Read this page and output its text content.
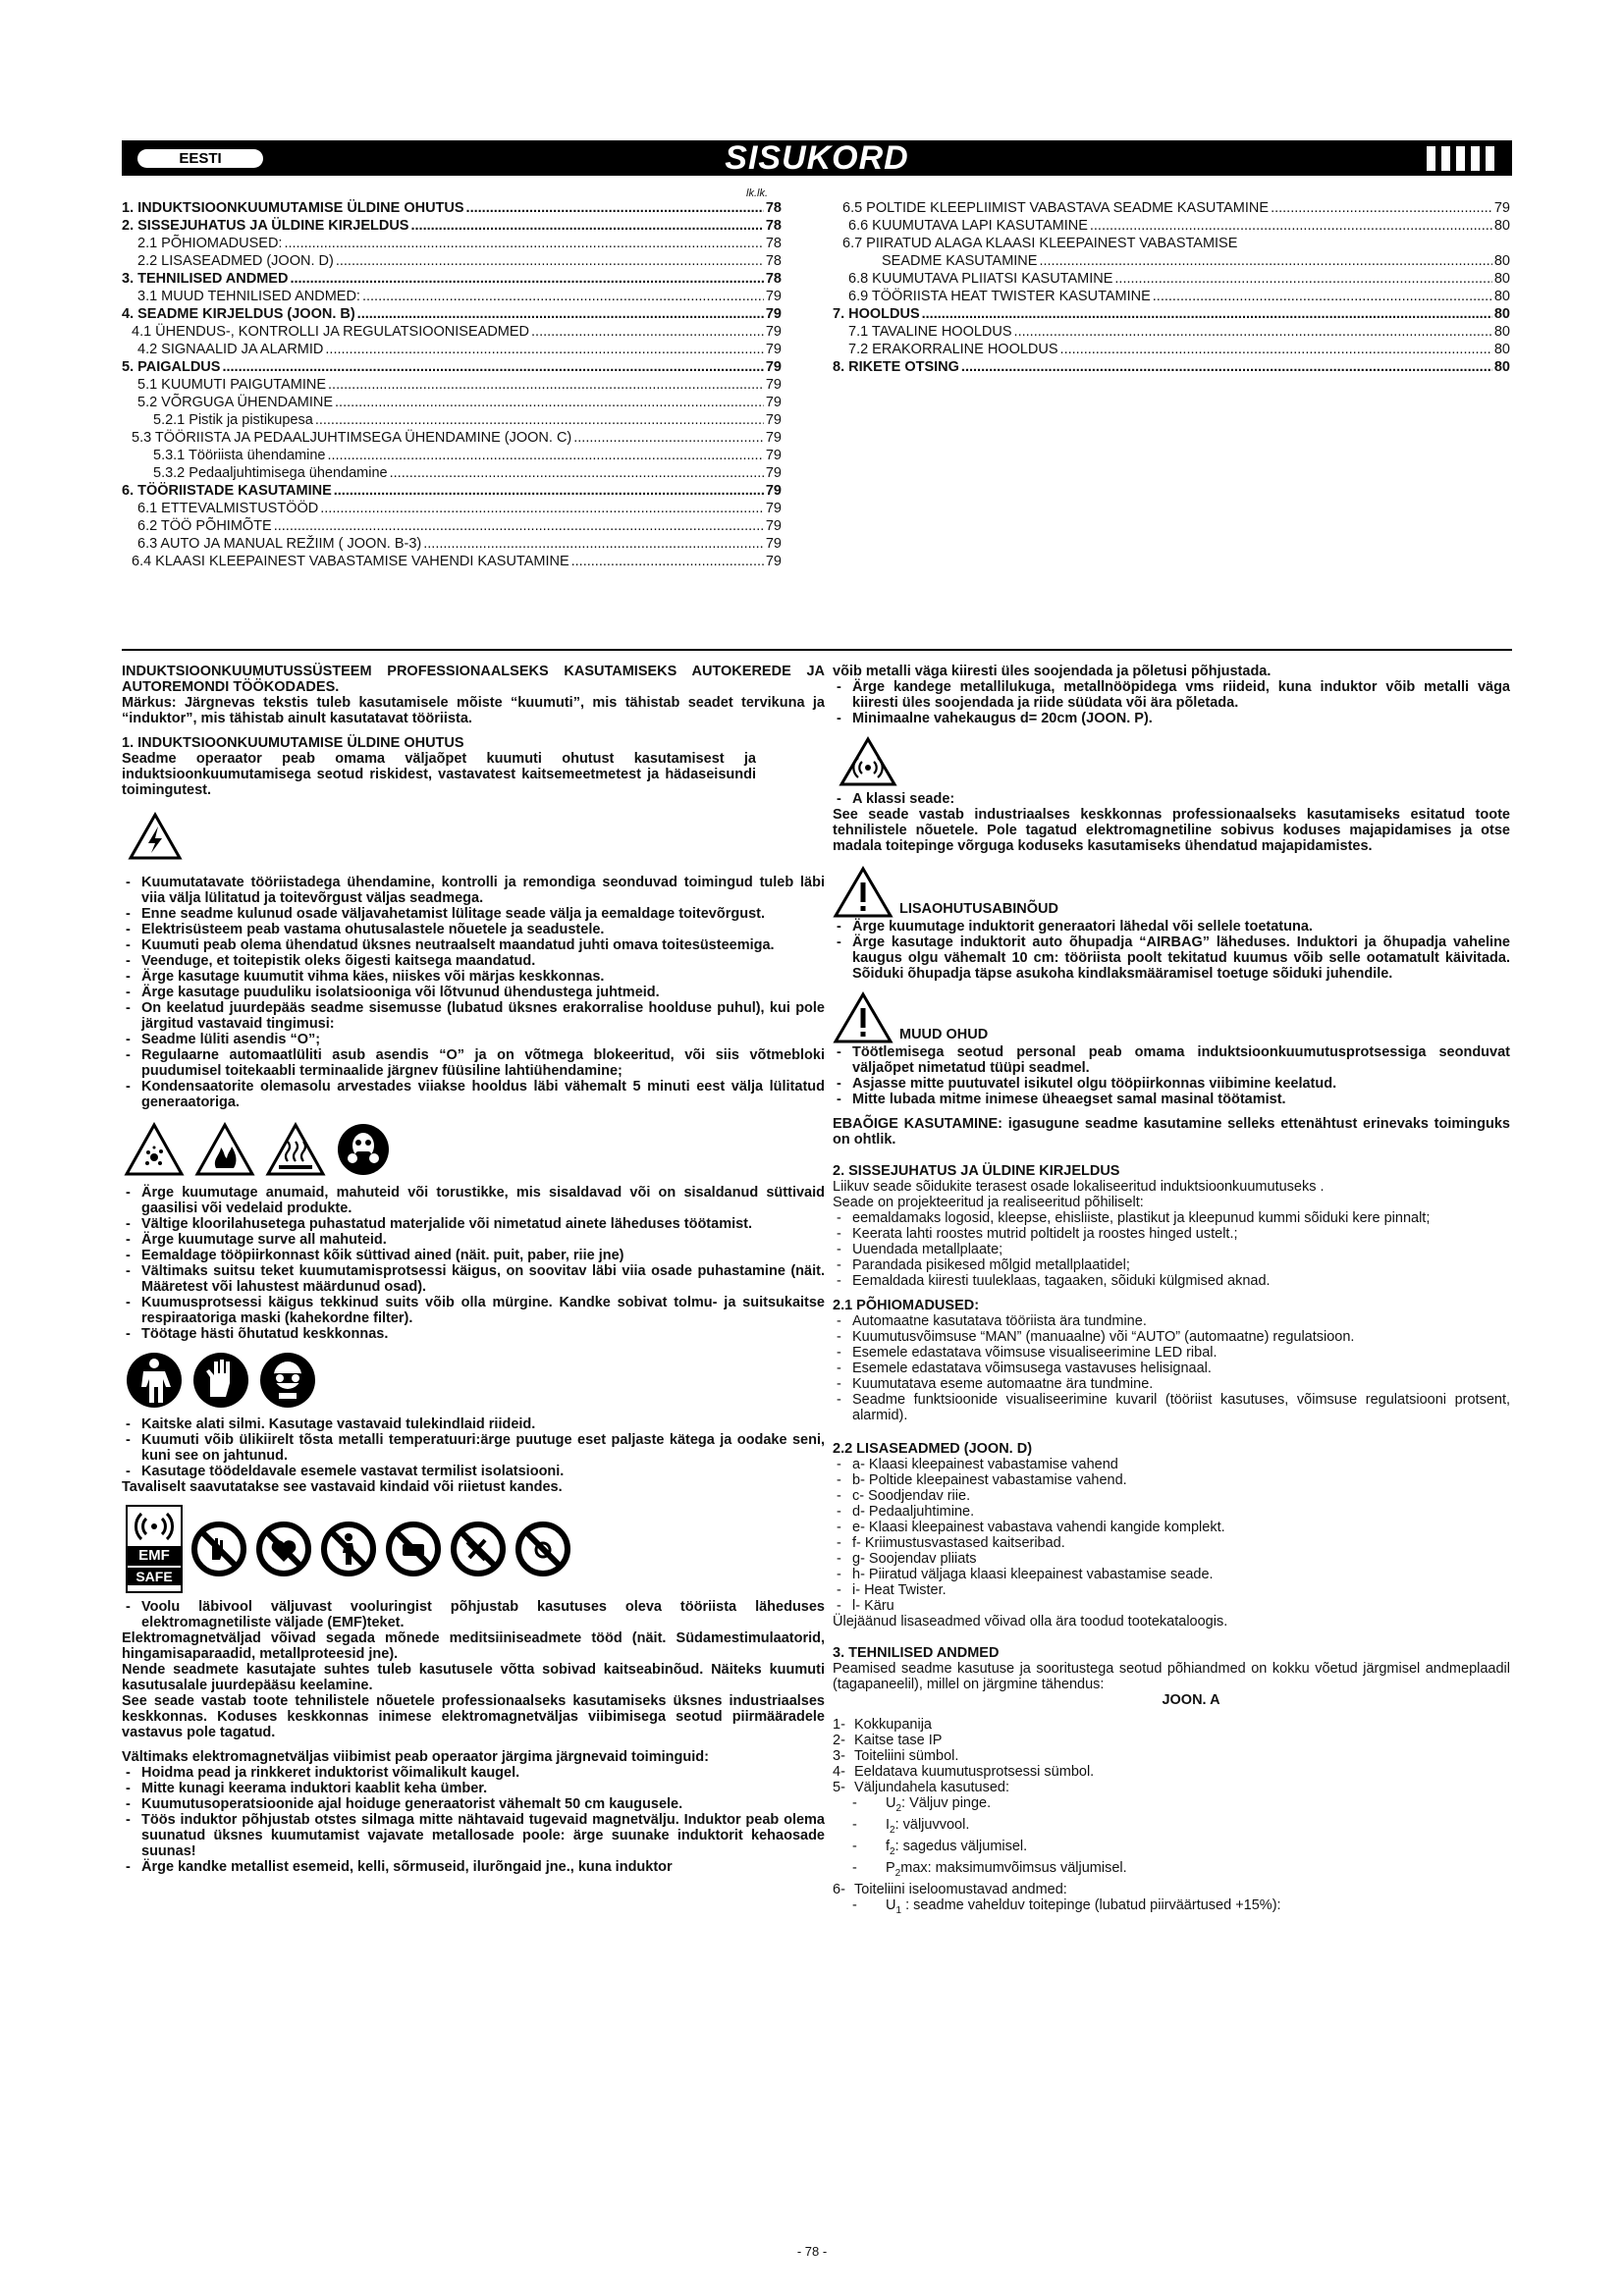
EESTI	SISUKORD
lk.lk.
1. INDUKTSIOONKUUMUTAMISE ÜLDINE OHUTUS .....	78
2. SISSEJUHATUS JA ÜLDINE KIRJELDUS .....	78
2.1 PÕHIOMADUSED: .....	78
2.2 LISASEADMED (JOON. D) .....	78
3. TEHNILISED ANDMED .....	78
3.1 MUUD TEHNILISED ANDMED: .....	79
4. SEADME KIRJELDUS (JOON. B) .....	79
4.1 ÜHENDUS-, KONTROLLI JA REGULATSIOONISEADMED .....	79
4.2 SIGNAALID JA ALARMID .....	79
5. PAIGALDUS .....	79
5.1 KUUMUTI PAIGUTAMINE .....	79
5.2 VÕRGUGA ÜHENDAMINE .....	79
5.2.1 Pistik ja pistikupesa .....	79
5.3 TÖÖRIISTA JA PEDAALJUHTIMSEGA ÜHENDAMINE (JOON. C) .....	79
5.3.1 Tööriista ühendamine .....	79
5.3.2 Pedaaljuhtimisega ühendamine .....	79
6. TÖÖRIISTADE KASUTAMINE .....	79
6.1 ETTEVALMISTUSTÖÖD .....	79
6.2 TÖÖ PÕHIMÕTE .....	79
6.3 AUTO JA MANUAL REŽIIM ( JOON. B-3) .....	79
6.4 KLAASI KLEEPAINEST VABASTAMISE VAHENDI KASUTAMINE .....	79
6.5 POLTIDE KLEEPLIIMIST VABASTAVA SEADME KASUTAMINE .....	79
6.6 KUUMUTAVA LAPI KASUTAMINE .....	80
6.7 PIIRATUD ALAGA KLAASI KLEEPAINEST VABASTAMISE
SEADME KASUTAMINE .....	80
6.8 KUUMUTAVA PLIIATSI KASUTAMINE .....	80
6.9 TÖÖRIISTA HEAT TWISTER KASUTAMINE .....	80
7. HOOLDUS .....	80
7.1 TAVALINE HOOLDUS .....	80
7.2 ERAKORRALINE HOOLDUS .....	80
8. RIKETE OTSING .....	80

INDUKTSIOONKUUMUTUSSÜSTEEM PROFESSIONAALSEKS KASUTAMISEKS AUTOKEREDE JA AUTOREMONDI TÖÖKODADES.

Märkus: Järgnevas tekstis tuleb kasutamisele mõiste “kuumuti”, mis tähistab seadet tervikuna ja “induktor”, mis tähistab ainult kasutatavat tööriista.

1. INDUKTSIOONKUUMUTAMISE ÜLDINE OHUTUS

Seadme operaator peab omama väljaõpet kuumuti ohutust kasutamisest ja induktsioonkuumutamisega seotud riskidest, vastavatest kaitsemeetmetest ja hädaseisundi toimingutest.

- Kuumutatavate tööriistadega ühendamine, kontrolli ja remondiga seonduvad toimingud tuleb läbi viia välja lülitatud ja toitevõrgust väljas seadmega.

- Enne seadme kulunud osade väljavahetamist lülitage seade välja ja eemaldage toitevõrgust.

- Elektrisüsteem peab vastama ohutusalastele nõuetele ja seadustele.

- Kuumuti peab olema ühendatud üksnes neutraalselt maandatud juhti omava toitesüsteemiga.

- Veenduge, et toitepistik oleks õigesti kaitsega maandatud.

- Ärge kasutage kuumutit vihma käes, niiskes või märjas keskkonnas.

- Ärge kasutage puuduliku isolatsiooniga või lõtvunud ühendustega juhtmeid.

- On keelatud juurdepääs seadme sisemusse (lubatud üksnes erakorralise hoolduse puhul), kui pole järgitud vastavaid tingimusi:

- Seadme lüliti asendis “O”;

- Regulaarne automaatlüliti asub asendis “O” ja on võtmega blokeeritud, või siis võtmebloki puudumisel toitekaabli terminaalide järgnev füüsiline lahtiühendamine;

- Kondensaatorite olemasolu arvestades viiakse hooldus läbi vähemalt 5 minuti eest välja lülitatud generaatoriga.

- Ärge kuumutage anumaid, mahuteid või torustikke, mis sisaldavad või on sisaldanud süttivaid gaasilisi või vedelaid produkte.

- Vältige kloorilahusetega puhastatud materjalide või nimetatud ainete läheduses töötamist.

- Ärge kuumutage surve all mahuteid.

- Eemaldage tööpiirkonnast kõik süttivad ained (näit. puit, paber, riie jne)

- Vältimaks suitsu teket kuumutamisprotsessi käigus, on soovitav läbi viia osade puhastamine (näit. Määretest või lahustest määrdunud osad).

- Kuumusprotsessi käigus tekkinud suits võib olla mürgine. Kandke sobivat tolmu- ja suitsukaitse respiraatoriga maski (kahekordne filter).

- Töötage hästi õhutatud keskkonnas.

- Kaitske alati silmi. Kasutage vastavaid tulekindlaid riideid.

- Kuumuti võib ülikiirelt tõsta metalli temperatuuri:ärge puutuge eset paljaste kätega ja oodake seni, kuni see on jahtunud.

- Kasutage töödeldavale esemele vastavat termilist isolatsiooni.

Tavaliselt saavutatakse see vastavaid kindaid või riietust kandes.

EMF
SAFE

- Voolu läbivool väljuvast vooluringist põhjustab kasutuses oleva tööriista läheduses elektromagnetiliste väljade (EMF)teket.

Elektromagnetväljad võivad segada mõnede meditsiiniseadmete tööd (näit. Südamestimulaatorid, hingamisaparaadid, metallproteesid jne).

Nende seadmete kasutajate suhtes tuleb kasutusele võtta sobivad kaitseabinõud. Näiteks kuumuti kasutusalale juurdepääsu keelamine.

See seade vastab toote tehnilistele nõuetele professionaalseks kasutamiseks üksnes industriaalses keskkonnas. Koduses keskkonnas inimese elektromagnetväljas viibimisega seotud piirmääradele vastavus pole tagatud.

Vältimaks elektromagnetväljas viibimist peab operaator järgima järgnevaid toiminguid:

- Hoidma pead ja rinkkeret induktorist võimalikult kaugel.

- Mitte kunagi keerama induktori kaablit keha ümber.

- Kuumutusoperatsioonide ajal hoiduge generaatorist vähemalt 50 cm kaugusele.

- Töös induktor põhjustab otstes silmaga mitte nähtavaid tugevaid magnetvälju. Induktor peab olema suunatud üksnes kuumutamist vajavate metallosade poole: ärge suunake induktorit kehaosade suunas!

- Ärge kandke metallist esemeid, kelli, sõrmuseid, ilurõngaid jne., kuna induktor

võib metalli väga kiiresti üles soojendada ja põletusi põhjustada.

- Ärge kandege metallilukuga, metallnööpidega vms riideid, kuna induktor võib metalli väga kiiresti üles soojendada ja riide süüdata või ära põletada.

- Minimaalne vahekaugus d= 20cm (JOON. P).

- A klassi seade:

See seade vastab industriaalses keskkonnas professionaalseks kasutamiseks esitatud toote tehnilistele nõuetele. Pole tagatud elektromagnetiline sobivus koduses majapidamises ja otse madala toitepinge võrguga koduseks kasutamiseks ühendatud majapidamistes.

LISAOHUTUSABINÕUD

- Ärge kuumutage induktorit generaatori lähedal või sellele toetatuna.

- Ärge kasutage induktorit auto õhupadja “AIRBAG” läheduses. Induktori ja õhupadja vaheline kaugus olgu vähemalt 10 cm: tööriista poolt tekitatud kuumus võib selle ootamatult käivitada. Sõiduki õhupadja täpse asukoha kindlaksmääramisel toetuge sõiduki juhendile.

MUUD OHUD

- Töötlemisega seotud personal peab omama induktsioonkuumutusprotsessiga seonduvat väljaõpet nimetatud tüüpi seadmel.

- Asjasse mitte puutuvatel isikutel olgu tööpiirkonnas viibimine keelatud.

- Mitte lubada mitme inimese üheaegset samal masinal töötamist.

EBAÕIGE KASUTAMINE: igasugune seadme kasutamine selleks ettenähtust erinevaks toiminguks on ohtlik.

2. SISSEJUHATUS JA ÜLDINE KIRJELDUS

Liikuv seade sõidukite terasest osade lokaliseeritud induktsioonkuumutuseks .

Seade on projekteeritud ja realiseeritud põhiliselt:

- eemaldamaks logosid, kleepse, ehisliiste, plastikut ja kleepunud kummi sõiduki kere pinnalt;

- Keerata lahti roostes mutrid poltidelt ja roostes hinged ustelt.;

- Uuendada metallplaate;

- Parandada pisikesed mõlgid metallplaatidel;

- Eemaldada kiiresti tuuleklaas, tagaaken, sõiduki külgmised aknad.

2.1 PÕHIOMADUSED:

- Automaatne kasutatava tööriista ära tundmine.

- Kuumutusvõimsuse “MAN” (manuaalne) või “AUTO” (automaatne) regulatsioon.

- Esemele edastatava võimsuse visualiseerimine LED ribal.

- Esemele edastatava võimsusega vastavuses helisignaal.

- Kuumutatava eseme automaatne ära tundmine.

- Seadme funktsioonide visualiseerimine kuvaril (tööriist kasutuses, võimsuse regulatsiooni protsent, alarmid).

2.2 LISASEADMED (JOON. D)

- a- Klaasi kleepainest vabastamise vahend

- b- Poltide kleepainest vabastamise vahend.

- c- Soodjendav riie.

- d- Pedaaljuhtimine.

- e- Klaasi kleepainest vabastava vahendi kangide komplekt.

- f- Kriimustusvastased kaitseribad.

- g- Soojendav pliiats

- h- Piiratud väljaga klaasi kleepainest vabastamise seade.

- i- Heat Twister.

- l- Käru

Ülejäänud lisaseadmed võivad olla ära toodud tootekataloogis.

3. TEHNILISED ANDMED

Peamised seadme kasutuse ja sooritustega seotud põhiandmed on kokku võetud järgmisel andmeplaadil (tagapaneelil), millel on järgmine tähendus:

JOON. A

1- Kokkupanija

2- Kaitse tase IP

3- Toiteliini sümbol.

4- Eeldatava kuumutusprotsessi sümbol.

5- Väljundahela kasutused:

- $U_2$: Väljuv pinge.

- $I_2$: väljuvvool.

- $f_2$: sagedus väljumisel.

- $P_2\max$: maksimumvõimsus väljumisel.

6- Toiteliini iseloomustavad andmed:

- $U_1$ : seadme vahelduv toitepinge (lubatud piirväärtused +15%):

- 78 -
